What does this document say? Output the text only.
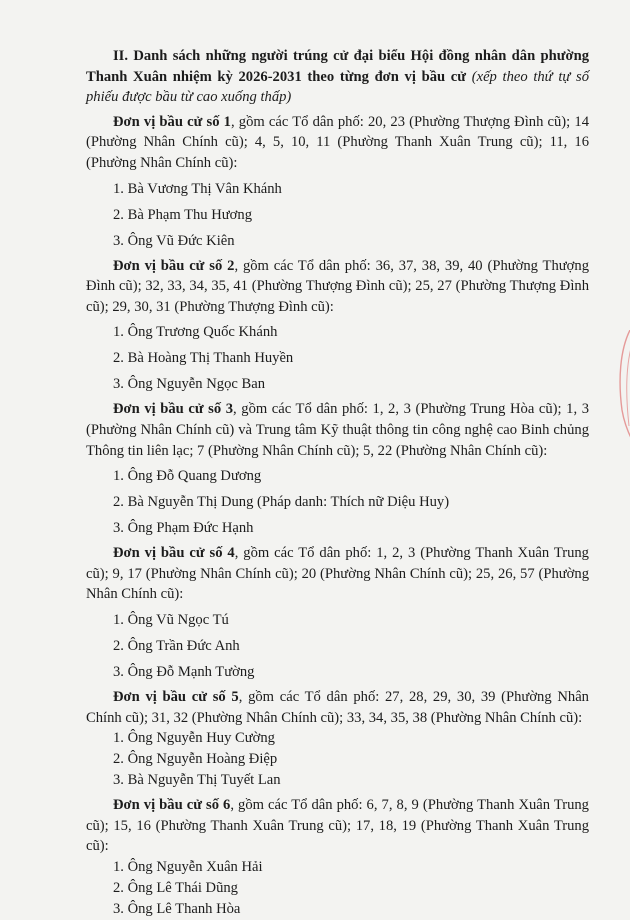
II. Danh sách những người trúng cử đại biểu Hội đồng nhân dân phường Thanh Xuân nhiệm kỳ 2026-2031 theo từng đơn vị bầu cử (xếp theo thứ tự số phiếu được bầu từ cao xuống thấp)

Đơn vị bầu cử số 1, gồm các Tổ dân phố: 20, 23 (Phường Thượng Đình cũ); 14 (Phường Nhân Chính cũ); 4, 5, 10, 11 (Phường Thanh Xuân Trung cũ); 11, 16 (Phường Nhân Chính cũ):

1. Bà Vương Thị Vân Khánh
2. Bà Phạm Thu Hương
3. Ông Vũ Đức Kiên

Đơn vị bầu cử số 2, gồm các Tổ dân phố: 36, 37, 38, 39, 40 (Phường Thượng Đình cũ); 32, 33, 34, 35, 41 (Phường Thượng Đình cũ); 25, 27 (Phường Thượng Đình cũ); 29, 30, 31 (Phường Thượng Đình cũ):

1. Ông Trương Quốc Khánh
2. Bà Hoàng Thị Thanh Huyền
3. Ông Nguyễn Ngọc Ban

Đơn vị bầu cử số 3, gồm các Tổ dân phố: 1, 2, 3 (Phường Trung Hòa cũ); 1, 3 (Phường Nhân Chính cũ) và Trung tâm Kỹ thuật thông tin công nghệ cao Binh chủng Thông tin liên lạc; 7 (Phường Nhân Chính cũ); 5, 22 (Phường Nhân Chính cũ):

1. Ông Đỗ Quang Dương
2. Bà Nguyễn Thị Dung (Pháp danh: Thích nữ Diệu Huy)
3. Ông Phạm Đức Hạnh

Đơn vị bầu cử số 4, gồm các Tổ dân phố: 1, 2, 3 (Phường Thanh Xuân Trung cũ); 9, 17 (Phường Nhân Chính cũ); 20 (Phường Nhân Chính cũ); 25, 26, 57 (Phường Nhân Chính cũ):

1. Ông Vũ Ngọc Tú
2. Ông Trần Đức Anh
3. Ông Đỗ Mạnh Tường

Đơn vị bầu cử số 5, gồm các Tổ dân phố: 27, 28, 29, 30, 39 (Phường Nhân Chính cũ); 31, 32 (Phường Nhân Chính cũ); 33, 34, 35, 38 (Phường Nhân Chính cũ):

1. Ông Nguyễn Huy Cường
2. Ông Nguyễn Hoàng Điệp
3. Bà Nguyễn Thị Tuyết Lan

Đơn vị bầu cử số 6, gồm các Tổ dân phố: 6, 7, 8, 9 (Phường Thanh Xuân Trung cũ); 15, 16 (Phường Thanh Xuân Trung cũ); 17, 18, 19 (Phường Thanh Xuân Trung cũ):

1. Ông Nguyễn Xuân Hải
2. Ông Lê Thái Dũng
3. Ông Lê Thanh Hòa
